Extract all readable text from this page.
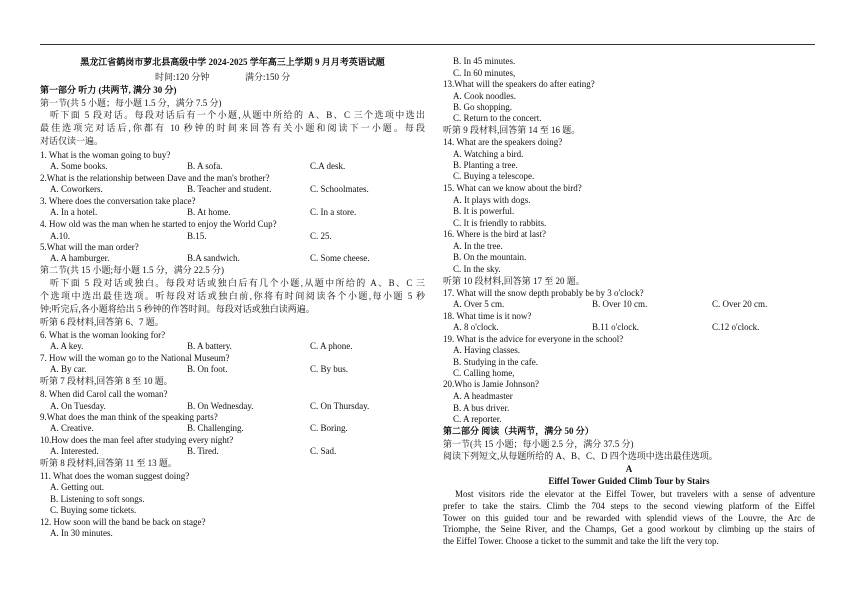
黑龙江省鹤岗市萝北县高级中学 2024-2025 学年高三上学期 9 月月考英语试题
时间:120 分钟	满分:150 分
第一部分 听力 (共两节, 满分 30 分)
第一节(共 5 小题；每小题 1.5 分，满分 7.5 分)
听下面 5 段对话。每段对话后有一个小题,从题中所给的 A、B、C 三个选项中选出
最佳选项完对话后,你都有 10 秒钟的时间来回答有关小题和阅读下一小题。每段
对话仅读一遍。
1. What is the woman going to buy?
A. Some books.	B. A sofa.	C.A desk.
2.What is the relationship between Dave and the man's brother?
A. Coworkers.	B. Teacher and student.	C. Schoolmates.
3. Where does the conversation take place?
A. In a hotel.	B. At home.	C. In a store.
4. How old was the man when he started to enjoy the World Cup?
A.10.	B.15.	C. 25.
5.What will the man order?
A. A hamburger.	B.A sandwich.	C. Some cheese.
第二节(共 15 小题;每小题 1.5 分，满分 22.5 分)
听下面 5 段对话或独白。每段对话或独白后有几个小题,从题中所给的 A、B、C 三
个选项中选出最佳选项。听每段对话或独白前,你将有时间阅读各个小题,每小题 5 秒
钟;听完后,各小题将给出 5 秒钟的作答时间。每段对话或独白读两遍。
听第 6 段材料,回答第 6、7 题。
6. What is the woman looking for?
A. A key.	B. A battery.	C. A phone.
7. How will the woman go to the National Museum?
A. By car.	B. On foot.	C. By bus.
听第 7 段材料,回答第 8 至 10 题。
8. When did Carol call the woman?
A. On Tuesday.	B. On Wednesday.	C. On Thursday.
9.What does the man think of the speaking parts?
A. Creative.	B. Challenging.	C. Boring.
10.How does the man feel after studying every night?
A. Interested.	B. Tired.	C. Sad.
听第 8 段材料,回答第 11 至 13 题。
11. What does the woman suggest doing?
A. Getting out.
B. Listening to soft songs.
C. Buying some tickets.
12. How soon will the band be back on stage?
A. In 30 minutes.
B. In 45 minutes.
C. In 60 minutes,
13.What will the speakers do after eating?
A. Cook noodles.
B. Go shopping.
C. Return to the concert.
听第 9 段材料,回答第 14 至 16 题。
14. What are the speakers doing?
A. Watching a bird.
B. Planting a tree.
C. Buying a telescope.
15. What can we know about the bird?
A. It plays with dogs.
B. It is powerful.
C. It is friendly to rabbits.
16. Where is the bird at last?
A. In the tree.
B. On the mountain.
C. In the sky.
听第 10 段材料,回答第 17 至 20 题。
17. What will the snow depth probably be by 3 o'clock?
A. Over 5 cm.	B. Over 10 cm.	C. Over 20 cm.
18. What time is it now?
A. 8 o'clock.	B.11 o'clock.	C.12 o'clock.
19. What is the advice for everyone in the school?
A. Having classes.
B. Studying in the cafe.
C. Calling home,
20.Who is Jamie Johnson?
A. A headmaster
B. A bus driver.
C. A reporter.
第二部分 阅读（共两节，满分 50 分）
第一节(共 15 小题；每小题 2.5 分，满分 37.5 分)
阅读下列短文,从每题所给的 A、B、C、D 四个选项中选出最佳选项。
A
Eiffel Tower Guided Climb Tour by Stairs
Most visitors ride the elevator at the Eiffel Tower, but travelers with a sense of adventure
prefer to take the stairs. Climb the 704 steps to the second viewing platform of the Eiffel
Tower on this guided tour and be rewarded with splendid views of the Louvre, the Arc de
Triomphe, the Seine River, and the Champs, Get a good workout by climbing up the stairs of
the Eiffel Tower. Choose a ticket to the summit and take the lift the very top.
